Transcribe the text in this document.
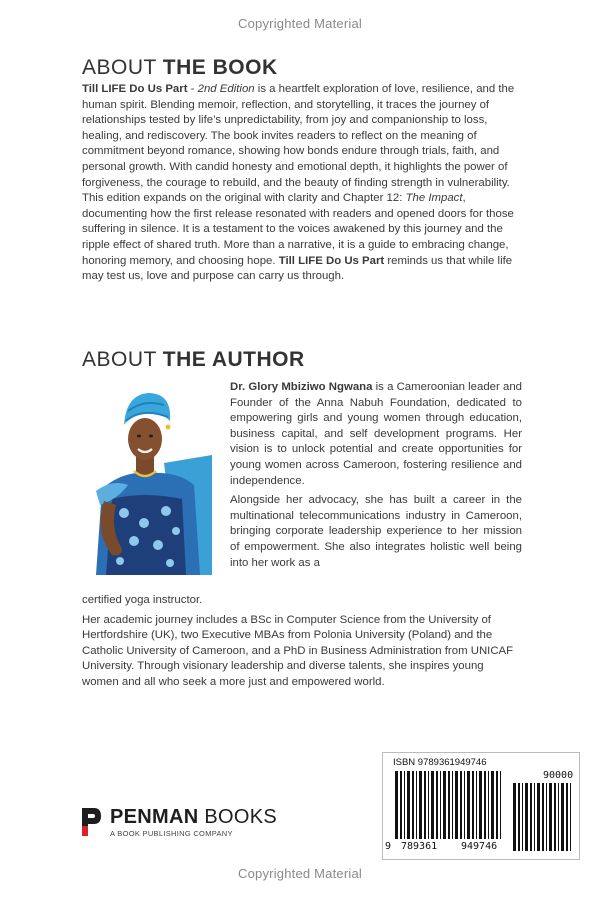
Copyrighted Material
ABOUT THE BOOK
Till LIFE Do Us Part - 2nd Edition is a heartfelt exploration of love, resilience, and the human spirit. Blending memoir, reflection, and storytelling, it traces the journey of relationships tested by life’s unpredictability, from joy and companionship to loss, healing, and rediscovery. The book invites readers to reflect on the meaning of commitment beyond romance, showing how bonds endure through trials, faith, and personal growth. With candid honesty and emotional depth, it highlights the power of forgiveness, the courage to rebuild, and the beauty of finding strength in vulnerability. This edition expands on the original with clarity and Chapter 12: The Impact, documenting how the first release resonated with readers and opened doors for those suffering in silence. It is a testament to the voices awakened by this journey and the ripple effect of shared truth. More than a narrative, it is a guide to embracing change, honoring memory, and choosing hope. Till LIFE Do Us Part reminds us that while life may test us, love and purpose can carry us through.
ABOUT THE AUTHOR

Dr. Glory Mbiziwo Ngwana is a Cameroonian leader and Founder of the Anna Nabuh Foundation, dedicated to empowering girls and young women through education, business capital, and self development programs. Her vision is to unlock potential and create opportunities for young women across Cameroon, fostering resilience and independence.

Alongside her advocacy, she has built a career in the multinational telecommunications industry in Cameroon, bringing corporate leadership experience to her mission of empowerment. She also integrates holistic well being into her work as a

certified yoga instructor.

Her academic journey includes a BSc in Computer Science from the University of Hertfordshire (UK), two Executive MBAs from Polonia University (Poland) and the Catholic University of Cameroon, and a PhD in Business Administration from UNICAF University. Through visionary leadership and diverse talents, she inspires young women and all who seek a more just and empowered world.

PENMAN BOOKS
A BOOK PUBLISHING COMPANY
ISBN 9789361949746
90000
9 789361 949746
Copyrighted Material
